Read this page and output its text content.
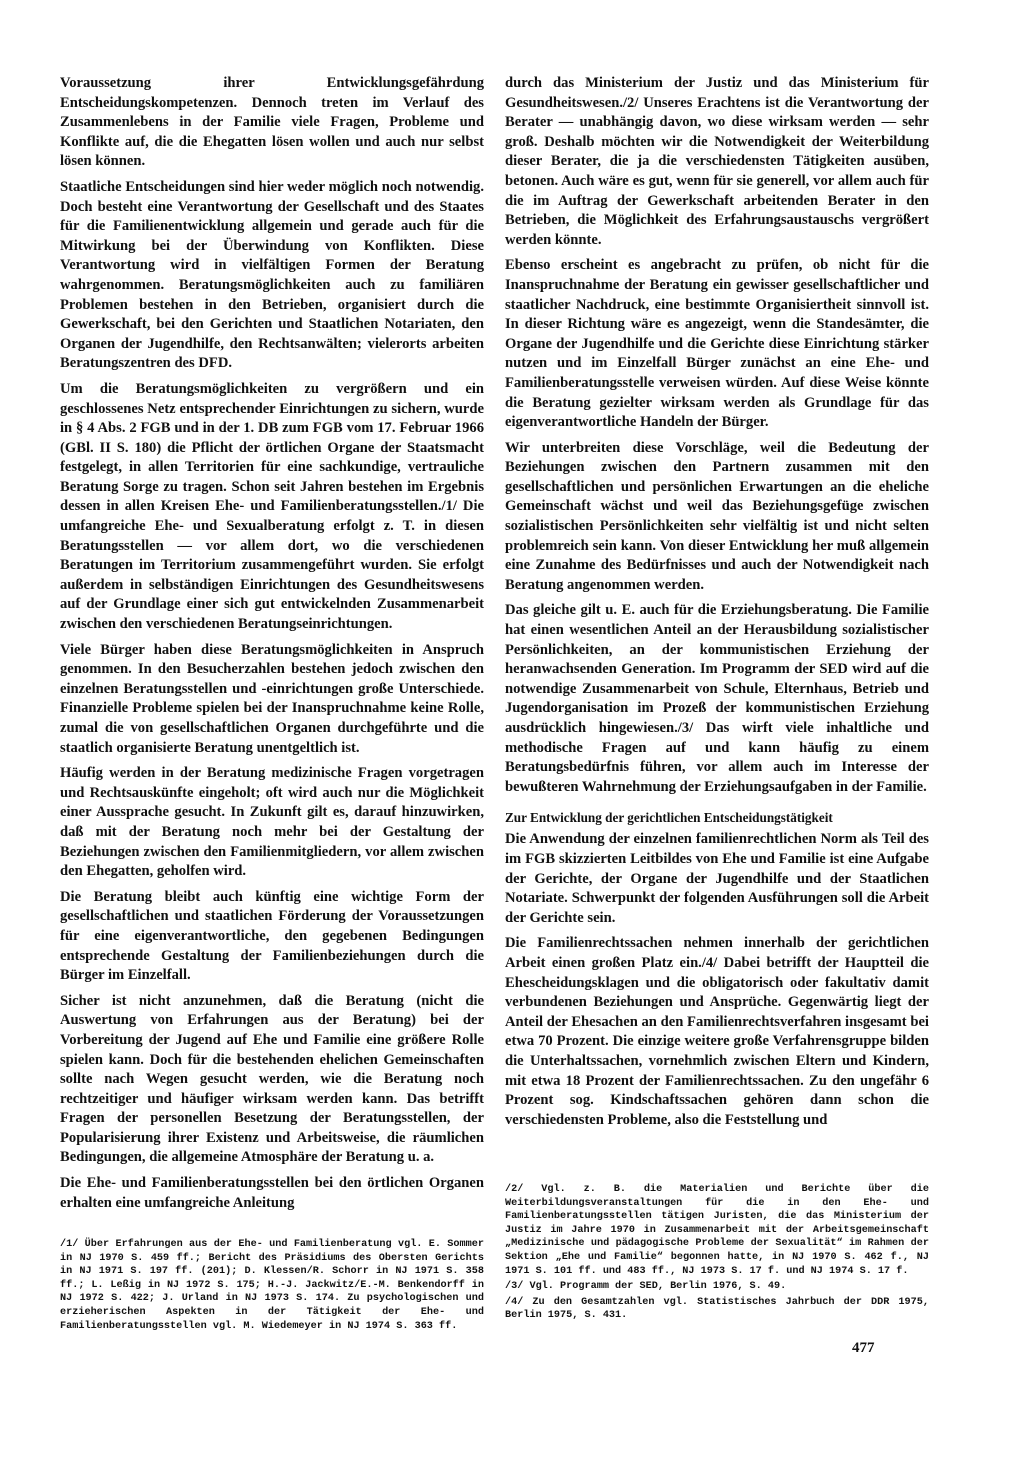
Voraussetzung ihrer Entwicklungsgefährdung Entscheidungskompetenzen. Dennoch treten im Verlauf des Zusammenlebens in der Familie viele Fragen, Probleme und Konflikte auf, die die Ehegatten lösen wollen und auch nur selbst lösen können.

Staatliche Entscheidungen sind hier weder möglich noch notwendig. Doch besteht eine Verantwortung der Gesellschaft und des Staates für die Familienentwicklung allgemein und gerade auch für die Mitwirkung bei der Überwindung von Konflikten. Diese Verantwortung wird in vielfältigen Formen der Beratung wahrgenommen. Beratungsmöglichkeiten auch zu familiären Problemen bestehen in den Betrieben, organisiert durch die Gewerkschaft, bei den Gerichten und Staatlichen Notariaten, den Organen der Jugendhilfe, den Rechtsanwälten; vielerorts arbeiten Beratungszentren des DFD.

Um die Beratungsmöglichkeiten zu vergrößern und ein geschlossenes Netz entsprechender Einrichtungen zu sichern, wurde in § 4 Abs. 2 FGB und in der 1. DB zum FGB vom 17. Februar 1966 (GBl. II S. 180) die Pflicht der örtlichen Organe der Staatsmacht festgelegt, in allen Territorien für eine sachkundige, vertrauliche Beratung Sorge zu tragen. Schon seit Jahren bestehen im Ergebnis dessen in allen Kreisen Ehe- und Familienberatungsstellen./1/ Die umfangreiche Ehe- und Sexualberatung erfolgt z. T. in diesen Beratungsstellen — vor allem dort, wo die verschiedenen Beratungen im Territorium zusammengeführt wurden. Sie erfolgt außerdem in selbständigen Einrichtungen des Gesundheitswesens auf der Grundlage einer sich gut entwickelnden Zusammenarbeit zwischen den verschiedenen Beratungseinrichtungen.

Viele Bürger haben diese Beratungsmöglichkeiten in Anspruch genommen. In den Besucherzahlen bestehen jedoch zwischen den einzelnen Beratungsstellen und -einrichtungen große Unterschiede. Finanzielle Probleme spielen bei der Inanspruchnahme keine Rolle, zumal die von gesellschaftlichen Organen durchgeführte und die staatlich organisierte Beratung unentgeltlich ist.

Häufig werden in der Beratung medizinische Fragen vorgetragen und Rechtsauskünfte eingeholt; oft wird auch nur die Möglichkeit einer Aussprache gesucht. In Zukunft gilt es, darauf hinzuwirken, daß mit der Beratung noch mehr bei der Gestaltung der Beziehungen zwischen den Familienmitgliedern, vor allem zwischen den Ehegatten, geholfen wird.

Die Beratung bleibt auch künftig eine wichtige Form der gesellschaftlichen und staatlichen Förderung der Voraussetzungen für eine eigenverantwortliche, den gegebenen Bedingungen entsprechende Gestaltung der Familienbeziehungen durch die Bürger im Einzelfall.

Sicher ist nicht anzunehmen, daß die Beratung (nicht die Auswertung von Erfahrungen aus der Beratung) bei der Vorbereitung der Jugend auf Ehe und Familie eine größere Rolle spielen kann. Doch für die bestehenden ehelichen Gemeinschaften sollte nach Wegen gesucht werden, wie die Beratung noch rechtzeitiger und häufiger wirksam werden kann. Das betrifft Fragen der personellen Besetzung der Beratungsstellen, der Popularisierung ihrer Existenz und Arbeitsweise, die räumlichen Bedingungen, die allgemeine Atmosphäre der Beratung u. a.

Die Ehe- und Familienberatungsstellen bei den örtlichen Organen erhalten eine umfangreiche Anleitung

durch das Ministerium der Justiz und das Ministerium für Gesundheitswesen./2/ Unseres Erachtens ist die Verantwortung der Berater — unabhängig davon, wo diese wirksam werden — sehr groß. Deshalb möchten wir die Notwendigkeit der Weiterbildung dieser Berater, die ja die verschiedensten Tätigkeiten ausüben, betonen. Auch wäre es gut, wenn für sie generell, vor allem auch für die im Auftrag der Gewerkschaft arbeitenden Berater in den Betrieben, die Möglichkeit des Erfahrungsaustauschs vergrößert werden könnte.

Ebenso erscheint es angebracht zu prüfen, ob nicht für die Inanspruchnahme der Beratung ein gewisser gesellschaftlicher und staatlicher Nachdruck, eine bestimmte Organisiertheit sinnvoll ist. In dieser Richtung wäre es angezeigt, wenn die Standesämter, die Organe der Jugendhilfe und die Gerichte diese Einrichtung stärker nutzen und im Einzelfall Bürger zunächst an eine Ehe- und Familienberatungsstelle verweisen würden. Auf diese Weise könnte die Beratung gezielter wirksam werden als Grundlage für das eigenverantwortliche Handeln der Bürger.

Wir unterbreiten diese Vorschläge, weil die Bedeutung der Beziehungen zwischen den Partnern zusammen mit den gesellschaftlichen und persönlichen Erwartungen an die eheliche Gemeinschaft wächst und weil das Beziehungsgefüge zwischen sozialistischen Persönlichkeiten sehr vielfältig ist und nicht selten problemreich sein kann. Von dieser Entwicklung her muß allgemein eine Zunahme des Bedürfnisses und auch der Notwendigkeit nach Beratung angenommen werden.

Das gleiche gilt u. E. auch für die Erziehungsberatung. Die Familie hat einen wesentlichen Anteil an der Herausbildung sozialistischer Persönlichkeiten, an der kommunistischen Erziehung der heranwachsenden Generation. Im Programm der SED wird auf die notwendige Zusammenarbeit von Schule, Elternhaus, Betrieb und Jugendorganisation im Prozeß der kommunistischen Erziehung ausdrücklich hingewiesen./3/ Das wirft viele inhaltliche und methodische Fragen auf und kann häufig zu einem Beratungsbedürfnis führen, vor allem auch im Interesse der bewußteren Wahrnehmung der Erziehungsaufgaben in der Familie.

Zur Entwicklung der gerichtlichen Entscheidungstätigkeit

Die Anwendung der einzelnen familienrechtlichen Norm als Teil des im FGB skizzierten Leitbildes von Ehe und Familie ist eine Aufgabe der Gerichte, der Organe der Jugendhilfe und der Staatlichen Notariate. Schwerpunkt der folgenden Ausführungen soll die Arbeit der Gerichte sein.

Die Familienrechtssachen nehmen innerhalb der gerichtlichen Arbeit einen großen Platz ein./4/ Dabei betrifft der Hauptteil die Ehescheidungsklagen und die obligatorisch oder fakultativ damit verbundenen Beziehungen und Ansprüche. Gegenwärtig liegt der Anteil der Ehesachen an den Familienrechtsverfahren insgesamt bei etwa 70 Prozent. Die einzige weitere große Verfahrensgruppe bilden die Unterhaltssachen, vornehmlich zwischen Eltern und Kindern, mit etwa 18 Prozent der Familienrechtssachen. Zu den ungefähr 6 Prozent sog. Kindschaftssachen gehören dann schon die verschiedensten Probleme, also die Feststellung und

/1/ Über Erfahrungen aus der Ehe- und Familienberatung vgl. E. Sommer in NJ 1970 S. 459 ff.; Bericht des Präsidiums des Obersten Gerichts in NJ 1971 S. 197 ff. (201); D. Klessen/R. Schorr in NJ 1971 S. 358 ff.; L. Leßig in NJ 1972 S. 175; H.-J. Jackwitz/E.-M. Benkendorff in NJ 1972 S. 422; J. Urland in NJ 1973 S. 174. Zu psychologischen und erzieherischen Aspekten in der Tätigkeit der Ehe- und Familienberatungsstellen vgl. M. Wiedemeyer in NJ 1974 S. 363 ff.

/2/ Vgl. z. B. die Materialien und Berichte über die Weiterbildungsveranstaltungen für die in den Ehe- und Familienberatungsstellen tätigen Juristen, die das Ministerium der Justiz im Jahre 1970 in Zusammenarbeit mit der Arbeitsgemeinschaft „Medizinische und pädagogische Probleme der Sexualität“ im Rahmen der Sektion „Ehe und Familie“ begonnen hatte, in NJ 1970 S. 462 f., NJ 1971 S. 101 ff. und 483 ff., NJ 1973 S. 17 f. und NJ 1974 S. 17 f.

/3/ Vgl. Programm der SED, Berlin 1976, S. 49.

/4/ Zu den Gesamtzahlen vgl. Statistisches Jahrbuch der DDR 1975, Berlin 1975, S. 431.

477
